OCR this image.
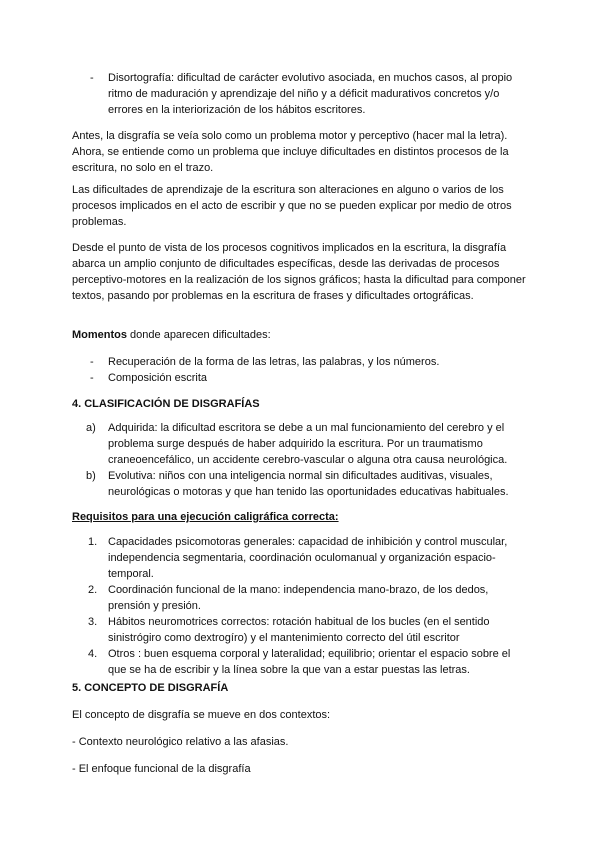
- Disortografía: dificultad de carácter evolutivo asociada, en muchos casos, al propio ritmo de maduración y aprendizaje del niño y a déficit madurativos concretos y/o errores en la interiorización de los hábitos escritores.

Antes, la disgrafía se veía solo como un problema motor y perceptivo (hacer mal la letra). Ahora, se entiende como un problema que incluye dificultades en distintos procesos de la escritura, no solo en el trazo.

Las dificultades de aprendizaje de la escritura son alteraciones en alguno o varios de los procesos implicados en el acto de escribir y que no se pueden explicar por medio de otros problemas.

Desde el punto de vista de los procesos cognitivos implicados en la escritura, la disgrafía abarca un amplio conjunto de dificultades específicas, desde las derivadas de procesos perceptivo-motores en la realización de los signos gráficos; hasta la dificultad para componer textos, pasando por problemas en la escritura de frases y dificultades ortográficas.

Momentos donde aparecen dificultades:

- Recuperación de la forma de las letras, las palabras, y los números.
- Composición escrita

4. CLASIFICACIÓN DE DISGRAFÍAS

a) Adquirida: la dificultad escritora se debe a un mal funcionamiento del cerebro y el problema surge después de haber adquirido la escritura. Por un traumatismo craneoencefálico, un accidente cerebro-vascular o alguna otra causa neurológica.
b) Evolutiva: niños con una inteligencia normal sin dificultades auditivas, visuales, neurológicas o motoras y que han tenido las oportunidades educativas habituales.

Requisitos para una ejecución caligráfica correcta:

1. Capacidades psicomotoras generales: capacidad de inhibición y control muscular, independencia segmentaria, coordinación oculomanual y organización espacio-temporal.
2. Coordinación funcional de la mano: independencia mano-brazo, de los dedos, prensión y presión.
3. Hábitos neuromotrices correctos: rotación habitual de los bucles (en el sentido sinistrógiro como dextrogíro) y el mantenimiento correcto del útil escritor
4. Otros : buen esquema corporal y lateralidad; equilibrio; orientar el espacio sobre el que se ha de escribir y la línea sobre la que van a estar puestas las letras.

5. CONCEPTO DE DISGRAFÍA

El concepto de disgrafía se mueve en dos contextos:

- Contexto neurológico relativo a las afasias.

- El enfoque funcional de la disgrafía
